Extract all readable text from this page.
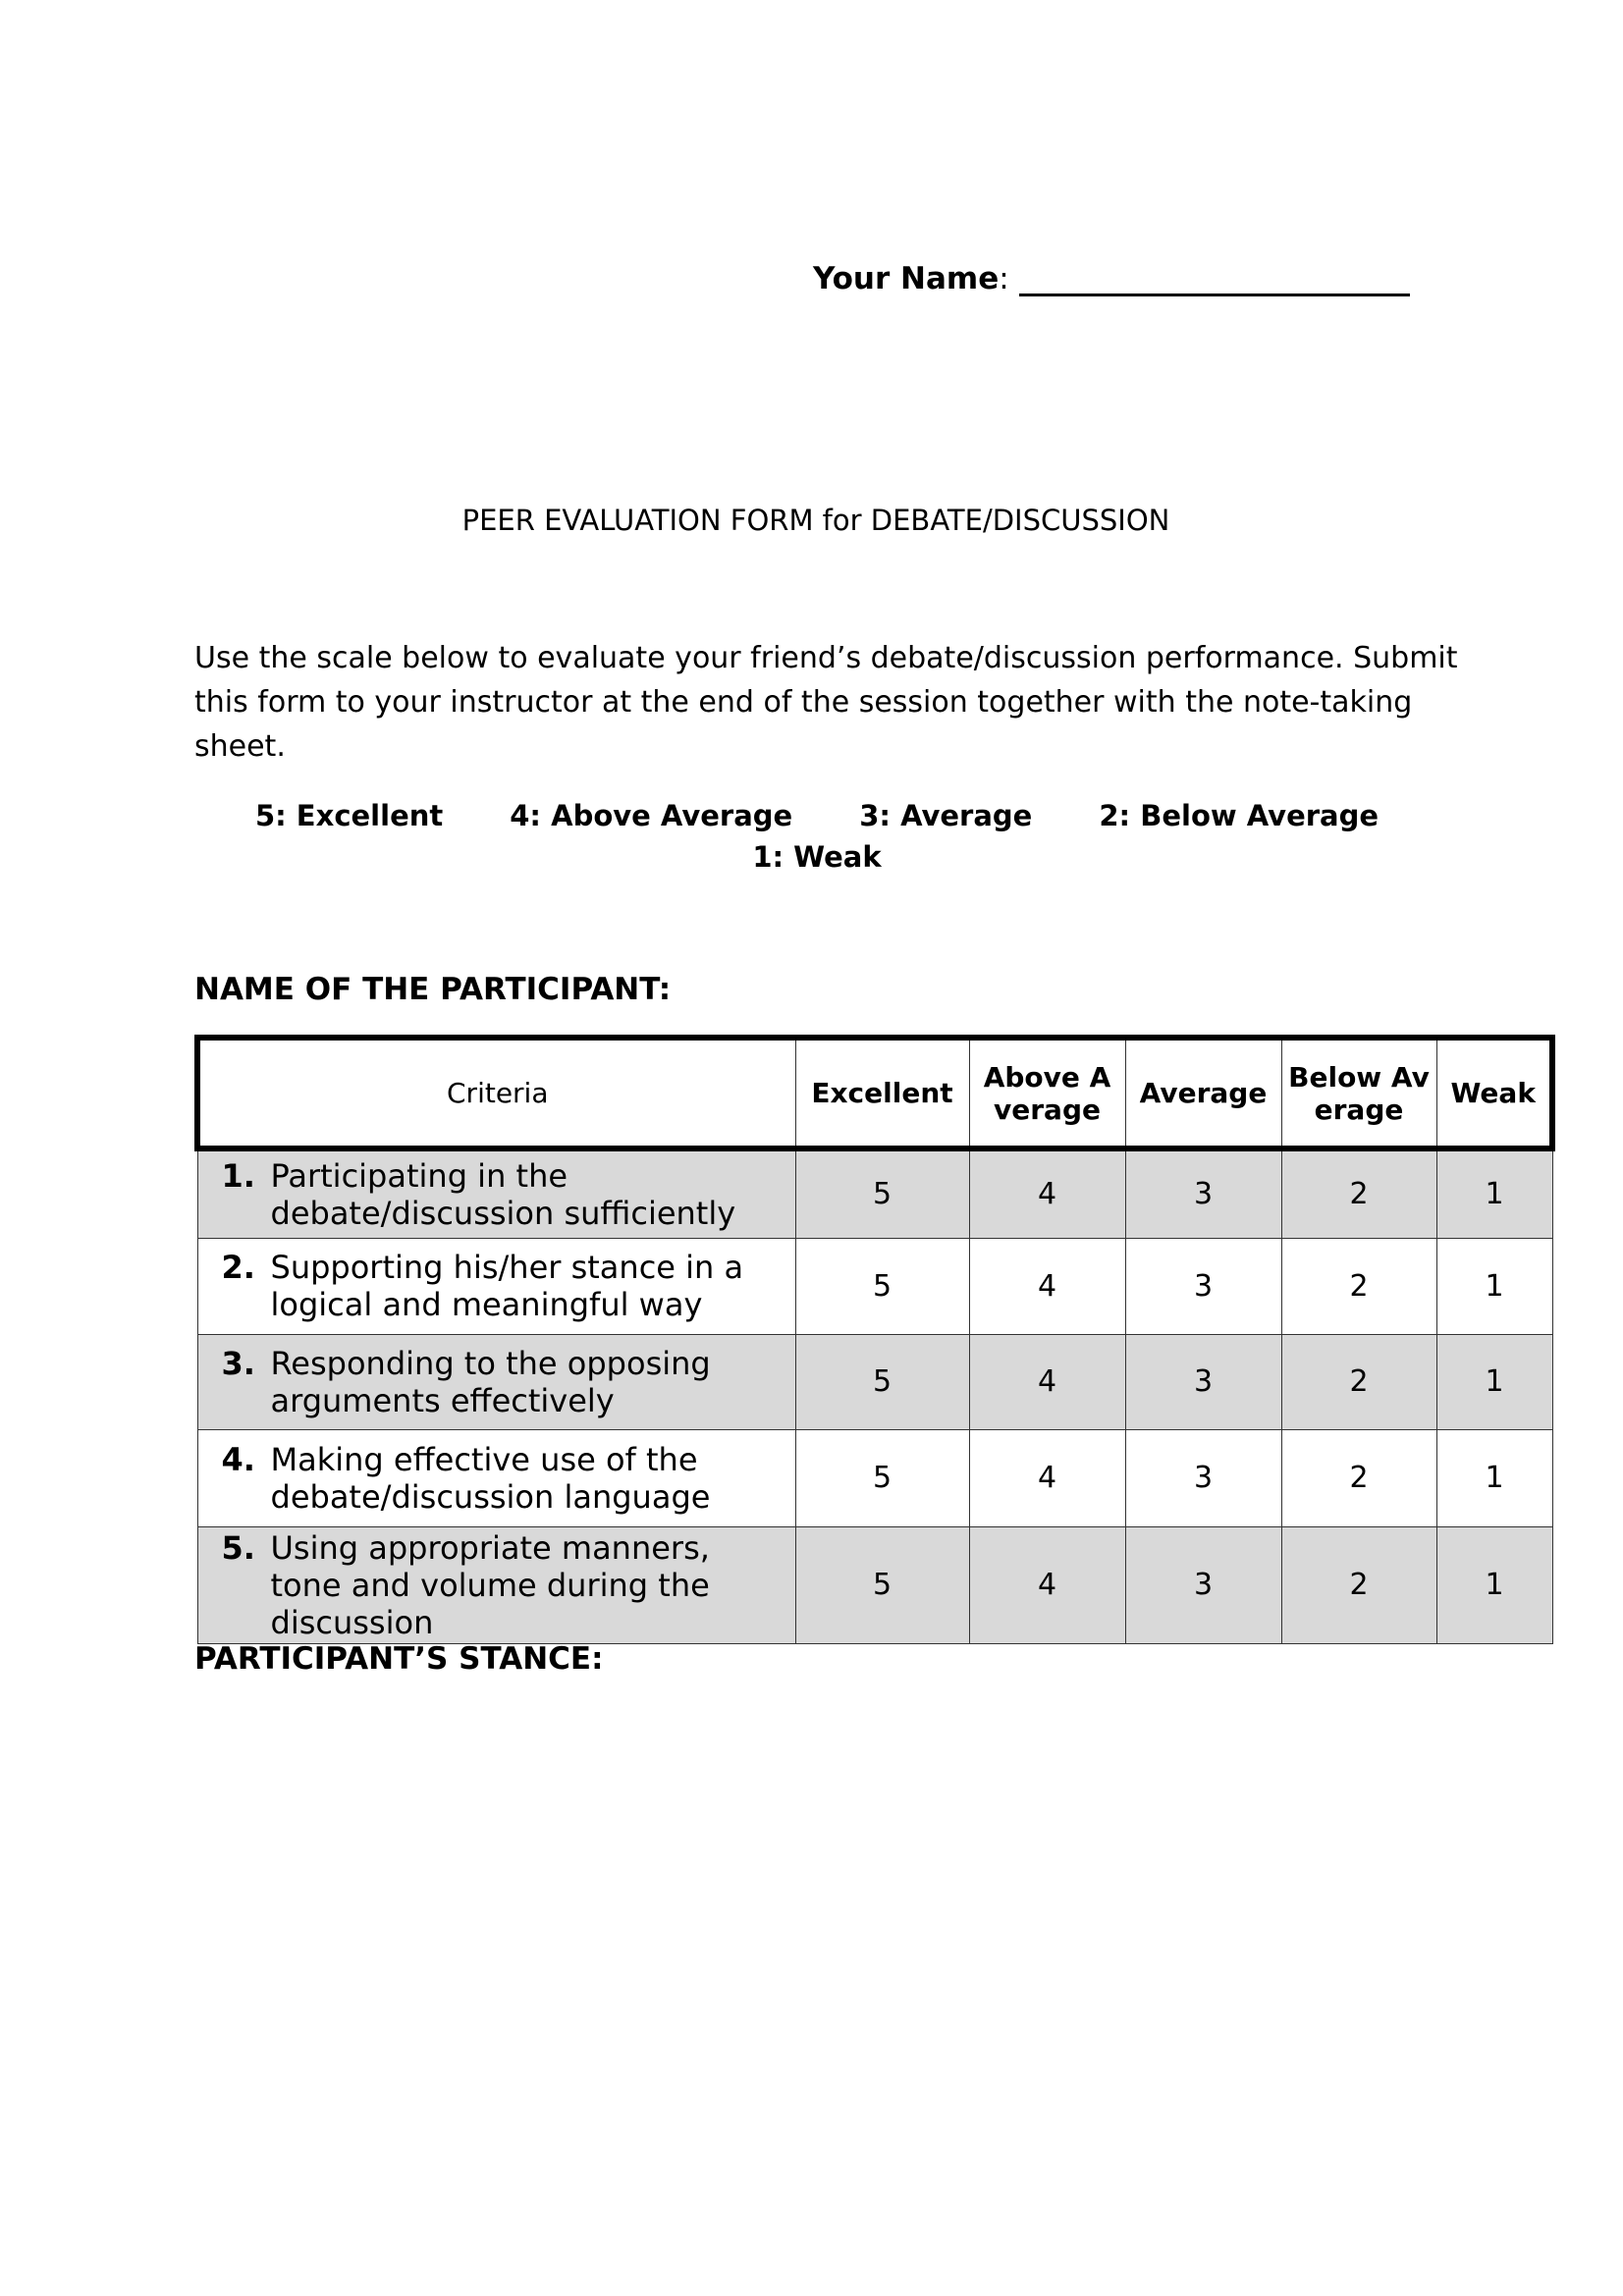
Your Name:
PEER EVALUATION FORM for DEBATE/DISCUSSION
Use the scale below to evaluate your friend’s debate/discussion performance. Submit this form to your instructor at the end of the session together with the note-taking sheet.
5: Excellent 4: Above Average 3: Average 2: Below Average
1: Weak
NAME OF THE PARTICIPANT:
Criteria	Excellent	Above Average	Average	Below Average	Weak
1. Participating in the debate/discussion sufficiently	5	4	3	2	1
2. Supporting his/her stance in a logical and meaningful way	5	4	3	2	1
3. Responding to the opposing arguments effectively	5	4	3	2	1
4. Making effective use of the debate/discussion language	5	4	3	2	1
5. Using appropriate manners, tone and volume during the discussion	5	4	3	2	1
PARTICIPANT’S STANCE:
